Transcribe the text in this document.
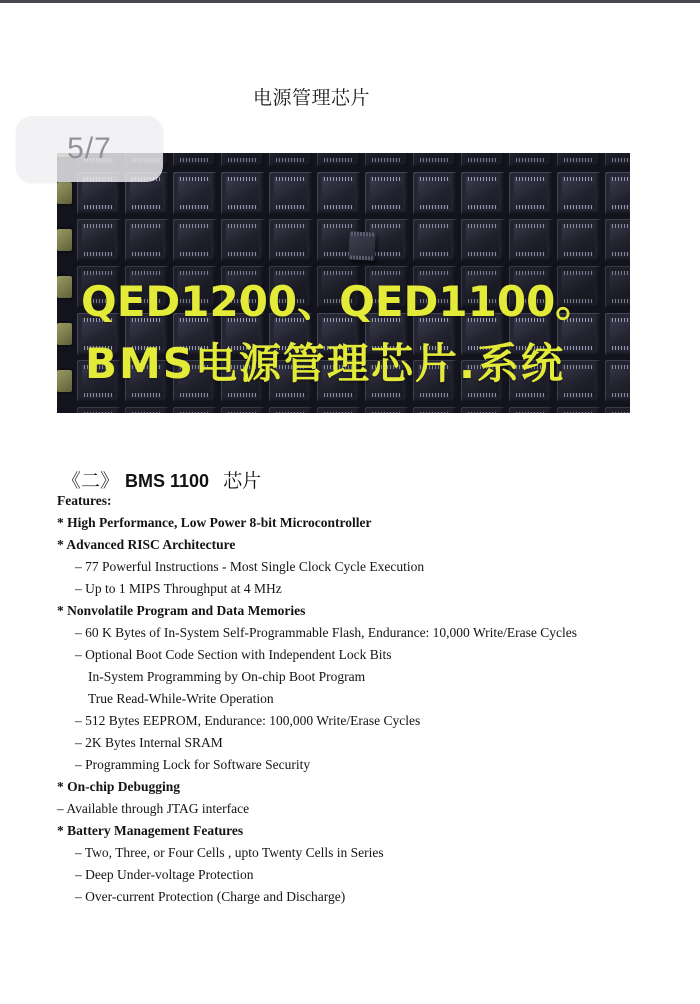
电源管理芯片
QED1200、QED1100。
BMS电源管理芯片.系统
5/7
《二》 BMS 1100 芯片
Features:
* High Performance, Low Power 8-bit Microcontroller
* Advanced RISC Architecture
– 77 Powerful Instructions - Most Single Clock Cycle Execution
– Up to 1 MIPS Throughput at 4 MHz
* Nonvolatile Program and Data Memories
– 60 K Bytes of In-System Self-Programmable Flash, Endurance: 10,000 Write/Erase Cycles
– Optional Boot Code Section with Independent Lock Bits
In-System Programming by On-chip Boot Program
True Read-While-Write Operation
– 512 Bytes EEPROM, Endurance: 100,000 Write/Erase Cycles
– 2K Bytes Internal SRAM
– Programming Lock for Software Security
* On-chip Debugging
– Available through JTAG interface
* Battery Management Features
– Two, Three, or Four Cells , upto Twenty Cells in Series
– Deep Under-voltage Protection
– Over-current Protection (Charge and Discharge)
